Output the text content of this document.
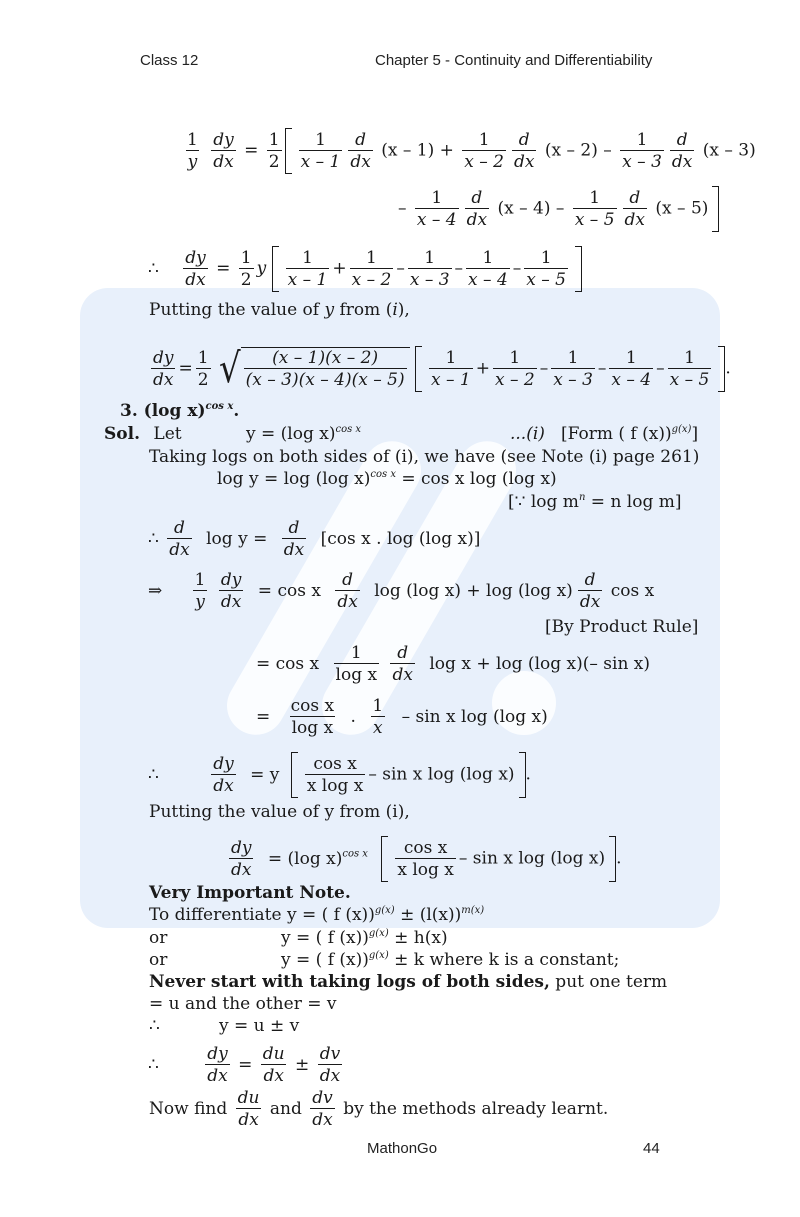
Class 12	Chapter 5 - Continuity and Differentiability
$\frac{1}{y}$
$\frac{dy}{dx} = \frac{1}{2} \frac{1}{x - 1} \frac{d}{dx} (x - 1) + \frac{1}{x - 2} \frac{d}{dx} (x - 2) - \frac{1}{x - 3} \frac{d}{dx} (x - 3)$
– $\frac{1}{x - 4} \frac{d}{dx} (x - 4) - \frac{1}{x - 5} \frac{d}{dx} (x - 5)$
∴ $\frac{dy}{dx} = \frac{1}{2}$ y $\frac{1}{x - 1} + \frac{1}{x - 2} - \frac{1}{x - 3} - \frac{1}{x - 4} - \frac{1}{x - 5}$
Putting the value of y from (i),
$\frac{dy}{dx} = \frac{1}{2}$
√ $\frac{(x - 1)(x - 2)}{(x - 3)(x - 4)(x - 5)}$
$\frac{1}{x - 1} + \frac{1}{x - 2} - \frac{1}{x - 3} - \frac{1}{x - 4} - \frac{1}{x - 5}$ .
3. (log x)$^{cos x}$.
Sol. Let	y = (log x)$^{cos x}$	...(i) [Form ( f (x))$^{g(x)}$]
Taking logs on both sides of (i), we have (see Note (i) page 261)
log y = log (log x)$^{cos x}$ = cos x log (log x)
[∵ $\log m^n = n$ log m]
∴ $\frac{d}{dx}$ $\log y = \frac{d}{dx} [\cos$ x . log (log x)]
⇒ $\frac{1}{y}$
$\frac{dy}{dx} = \cos x \frac{d}{dx}$ log (log x) + log (log $x) \frac{d}{dx}$ cos x
[By Product Rule]
= cos x $\frac{1}{\text{log x}}$
$\frac{d}{dx}$ log x + log (log x)(– sin x)
= $\frac{\text{cos x}}{\text{log x}}$ . $\frac{1}{x}$ – sin x log (log x)
∴	$\frac{dy}{dx} = y \frac{\text{cos x}}{\text{x log x}} - \sin x$ log (log x) .
Putting the value of y from (i),
$\frac{dy}{dx} = (\log$ $x)^{cos x} \frac{\text{cos x}}{\text{x log x}}$ – sin x log (log x) .
Very Important Note.
To differentiate y = ( f $(x))^{g(x)} \pm (l(x))^{m(x)}$
or	y = ( f (x))$^{g(x)}$ ± h(x)
or	y = ( f (x))$^{g(x)}$ ± k where k is a constant;
Never start with taking logs of both sides, put one term
= u and the other = v
∴	y = u ± v
∴	$\frac{dy}{dx} = \frac{du}{dx} \pm \frac{dv}{dx}$
Now find $\frac{du}{dx}$ and $\frac{dv}{dx}$ by the methods already learnt.
MathonGo	44
